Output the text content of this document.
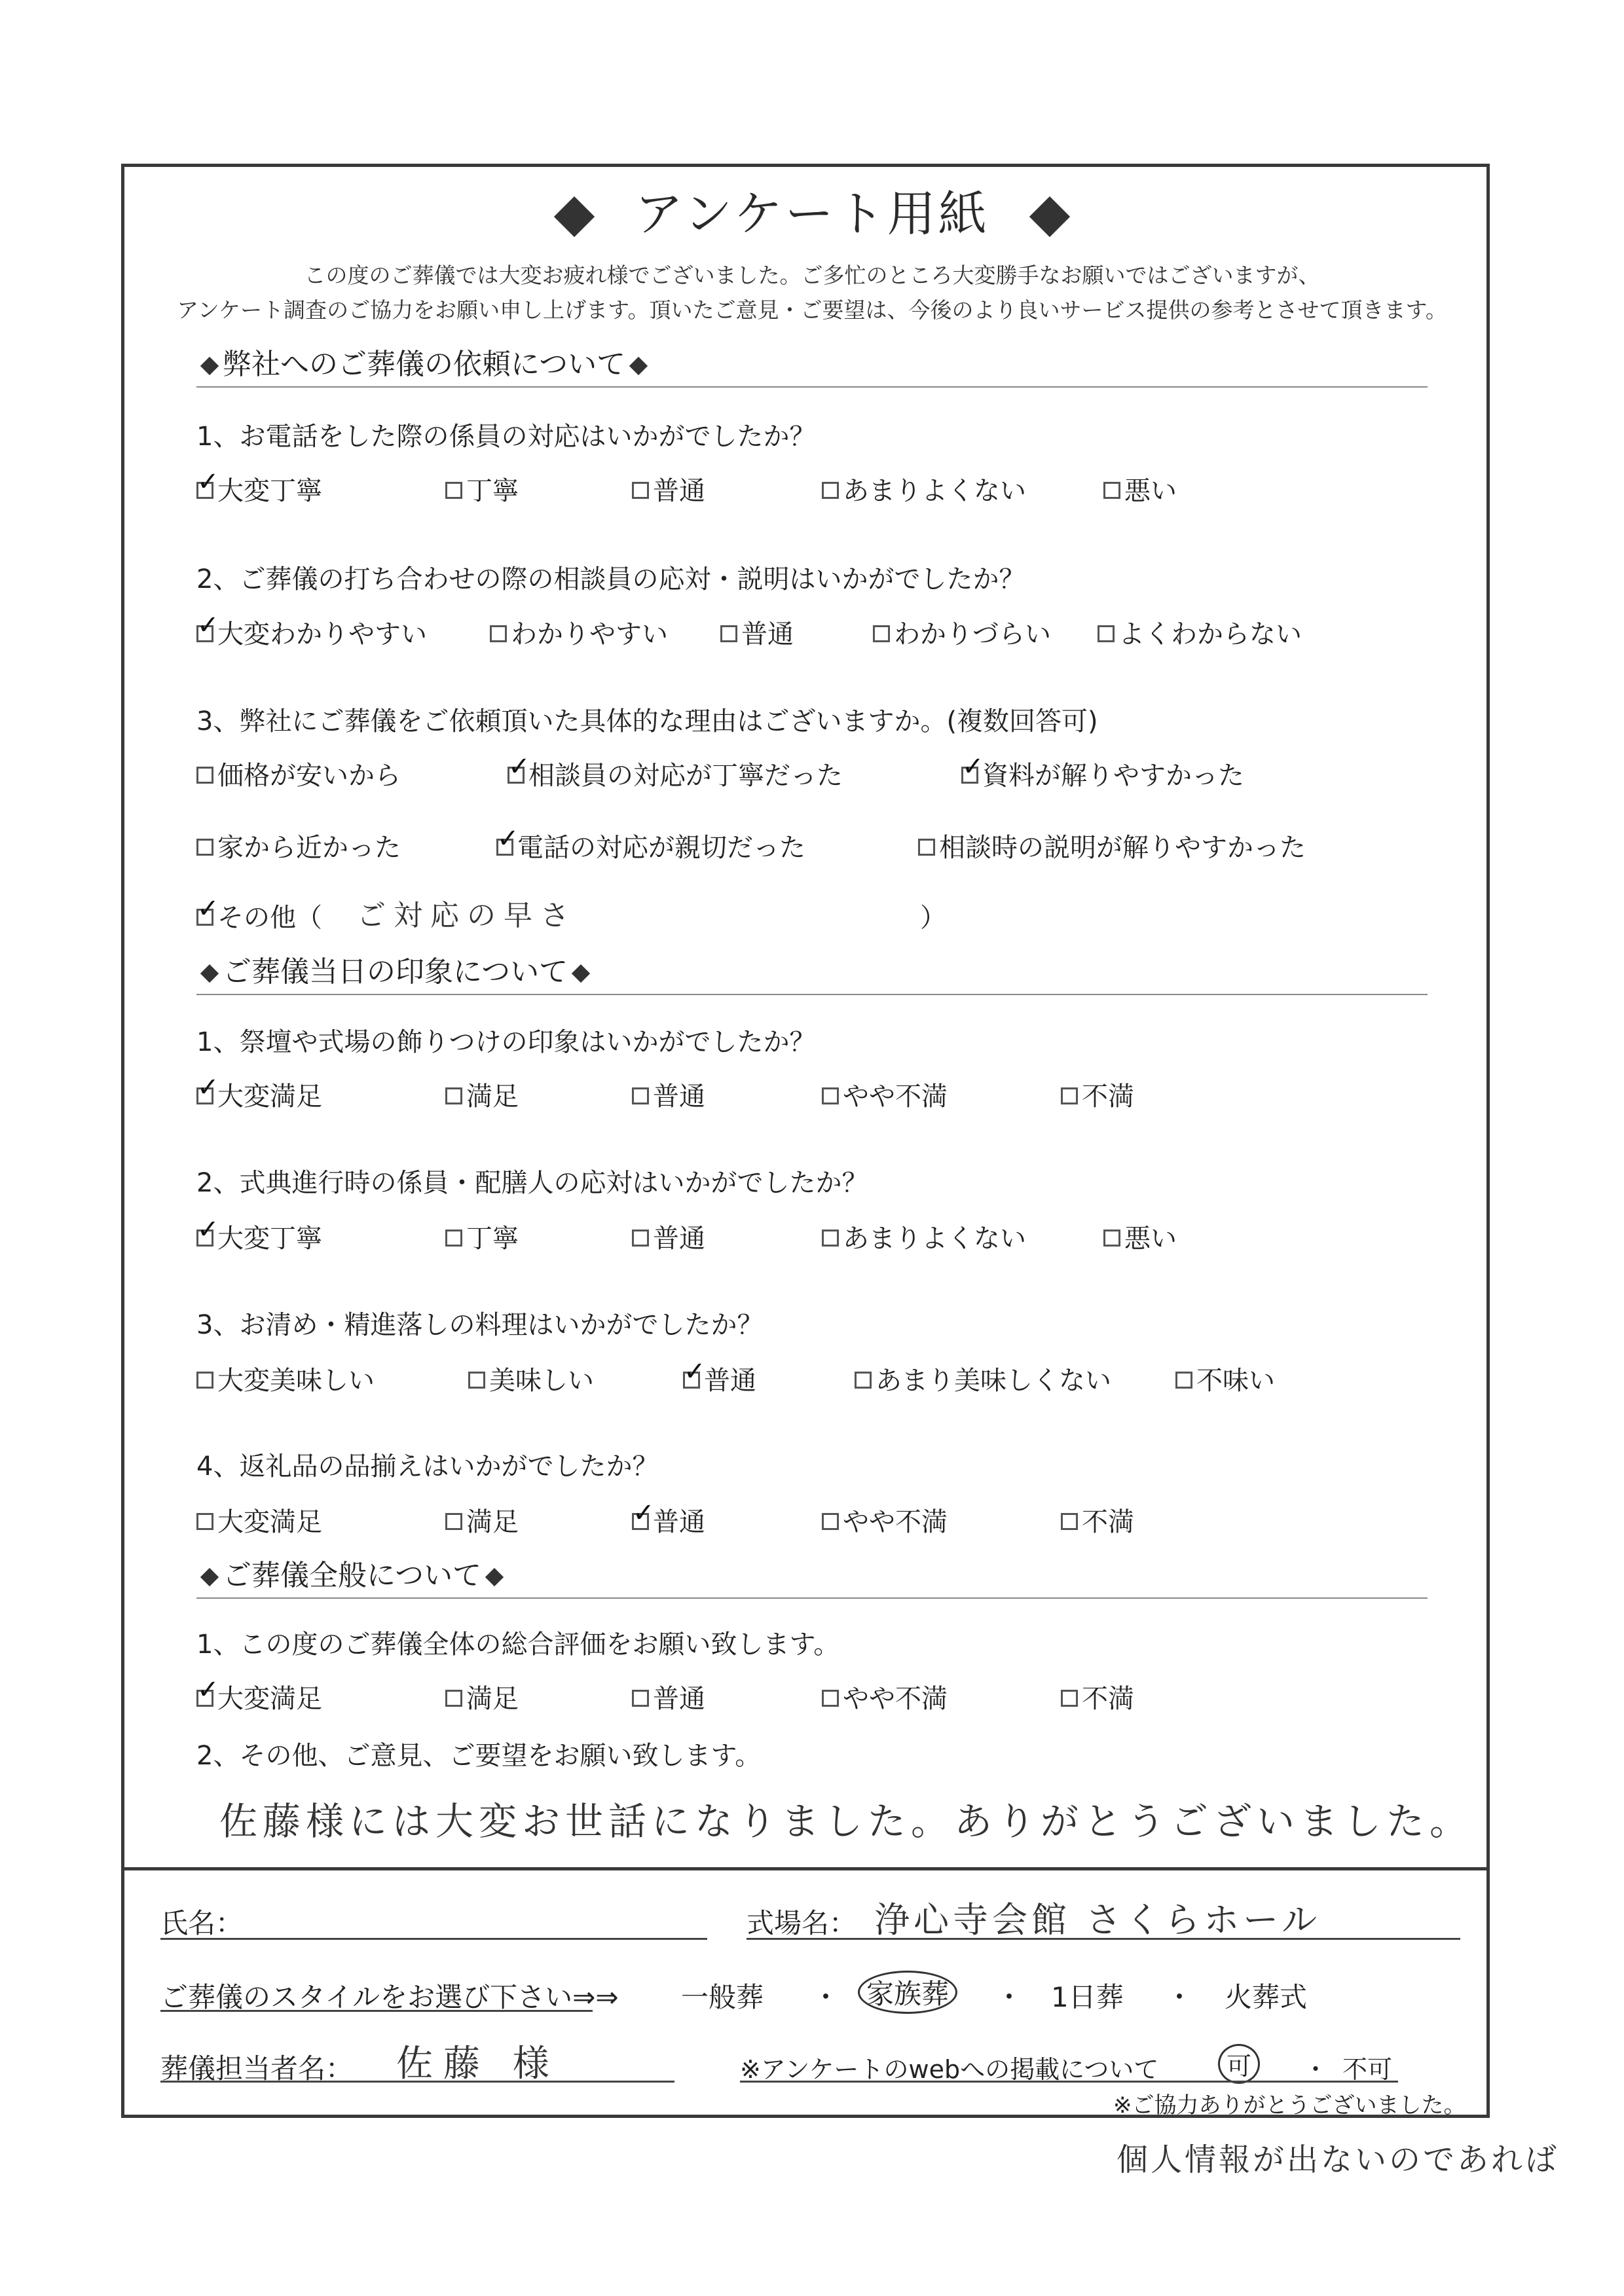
アンケート用紙
この度のご葬儀では大変お疲れ様でございました。ご多忙のところ大変勝手なお願いではございますが、
アンケート調査のご協力をお願い申し上げます。頂いたご意見・ご要望は、今後のより良いサービス提供の参考とさせて頂きます。
弊社へのご葬儀の依頼について
1、お電話をした際の係員の対応はいかがでしたか？
✓大変丁寧	丁寧	普通	あまりよくない	悪い
2、ご葬儀の打ち合わせの際の相談員の応対・説明はいかがでしたか？
✓大変わかりやすい	わかりやすい	普通	わかりづらい	よくわからない
3、弊社にご葬儀をご依頼頂いた具体的な理由はございますか。(複数回答可)
価格が安いから ✓	相談員の対応が丁寧だった ✓	資料が解りやすかった
家から近かった ✓	電話の対応が親切だった	相談時の説明が解りやすかった
✓その他（ ご対応の早さ	）
ご葬儀当日の印象について
1、祭壇や式場の飾りつけの印象はいかがでしたか？
✓大変満足	満足	普通	やや不満	不満
2、式典進行時の係員・配膳人の応対はいかがでしたか？
✓大変丁寧	丁寧	普通	あまりよくない	悪い
3、お清め・精進落しの料理はいかがでしたか？
大変美味しい	美味しい ✓	普通	あまり美味しくない	不味い
4、返礼品の品揃えはいかがでしたか？
大変満足	満足 ✓	普通	やや不満	不満
ご葬儀全般について
1、この度のご葬儀全体の総合評価をお願い致します。
✓大変満足	満足	普通	やや不満	不満
2、その他、ご意見、ご要望をお願い致します。
佐藤様には大変お世話になりました。ありがとうございました。
氏名：	式場名： 浄心寺会館 さくらホール
ご葬儀のスタイルをお選び下さい⇒⇒ 一般葬 ・ 家族葬	・ 1日葬 ・ 火葬式
葬儀担当者名： 佐藤 様	※アンケートのwebへの掲載について	可	・ 不可
※ご協力ありがとうございました。
個人情報が出ないのであれば
